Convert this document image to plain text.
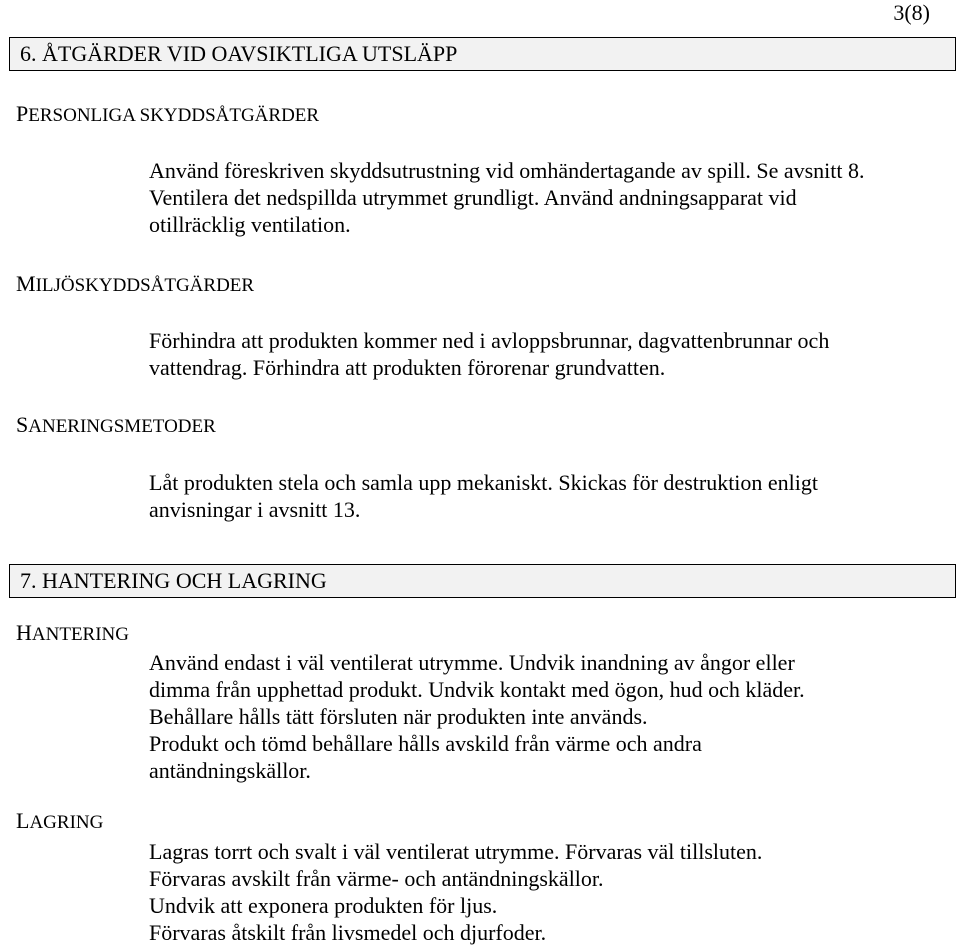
3(8)
6. ÅTGÄRDER VID OAVSIKTLIGA UTSLÄPP
PERSONLIGA SKYDDSÅTGÄRDER
Använd föreskriven skyddsutrustning vid omhändertagande av spill. Se avsnitt 8.
Ventilera det nedspillda utrymmet grundligt. Använd andningsapparat vid
otillräcklig ventilation.
MILJÖSKYDDSÅTGÄRDER
Förhindra att produkten kommer ned i avloppsbrunnar, dagvattenbrunnar och
vattendrag. Förhindra att produkten förorenar grundvatten.
SANERINGSMETODER
Låt produkten stela och samla upp mekaniskt. Skickas för destruktion enligt
anvisningar i avsnitt 13.
7. HANTERING OCH LAGRING
HANTERING
Använd endast i väl ventilerat utrymme. Undvik inandning av ångor eller
dimma från upphettad produkt. Undvik kontakt med ögon, hud och kläder.
Behållare hålls tätt försluten när produkten inte används.
Produkt och tömd behållare hålls avskild från värme och andra
antändningskällor.
LAGRING
Lagras torrt och svalt i väl ventilerat utrymme. Förvaras väl tillsluten.
Förvaras avskilt från värme- och antändningskällor.
Undvik att exponera produkten för ljus.
Förvaras åtskilt från livsmedel och djurfoder.
